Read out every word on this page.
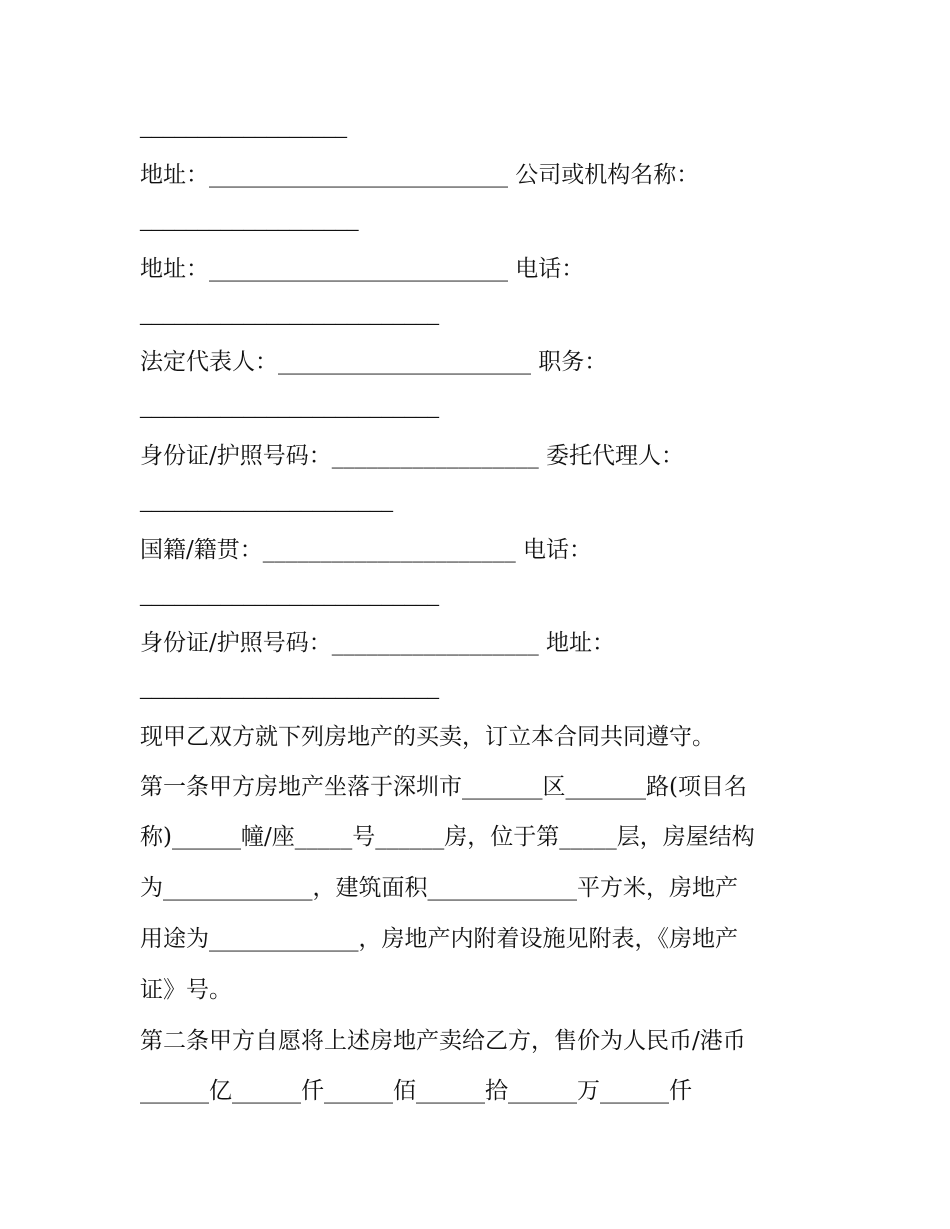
__________________
地址：__________________________ 公司或机构名称：
___________________
地址：__________________________ 电话：
__________________________
法定代表人：______________________ 职务：
__________________________
身份证/护照号码：__________________ 委托代理人：
______________________
国籍/籍贯：______________________ 电话：
__________________________
身份证/护照号码：__________________ 地址：
__________________________
现甲乙双方就下列房地产的买卖，订立本合同共同遵守。
第一条甲方房地产坐落于深圳市_______区_______路(项目名
称)______幢/座_____号______房，位于第_____层，房屋结构
为_____________，建筑面积_____________平方米，房地产
用途为_____________，房地产内附着设施见附表，《房地产
证》号。
第二条甲方自愿将上述房地产卖给乙方，售价为人民币/港币
______亿______仟______佰______拾______万______仟
